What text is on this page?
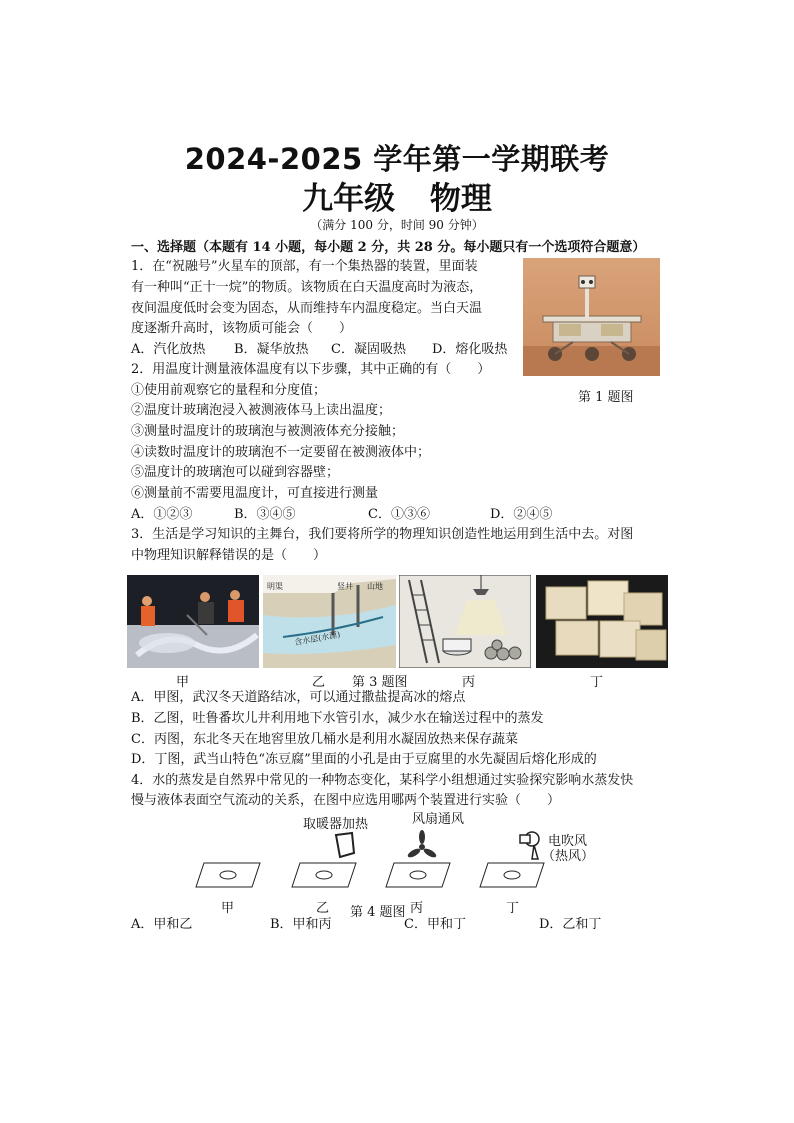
2024-2025 学年第一学期联考
九年级 物理
（满分 100 分，时间 90 分钟）
一、选择题（本题有 14 小题，每小题 2 分，共 28 分。每小题只有一个选项符合题意）
1．在“祝融号”火星车的顶部，有一个集热器的装置，里面装
有一种叫“正十一烷”的物质。该物质在白天温度高时为液态，
夜间温度低时会变为固态，从而维持车内温度稳定。当白天温
度逐渐升高时，该物质可能会（　　）
A．汽化放热 B．凝华放热 C．凝固吸热 D．熔化吸热
第 1 题图
2．用温度计测量液体温度有以下步骤，其中正确的有（　　）
①使用前观察它的量程和分度值；
②温度计玻璃泡浸入被测液体马上读出温度；
③测量时温度计的玻璃泡与被测液体充分接触；
④读数时温度计的玻璃泡不一定要留在被测液体中；
⑤温度计的玻璃泡可以碰到容器壁；
⑥测量前不需要甩温度计，可直接进行测量
A．①②③	B．③④⑤	C．①③⑥	D．②④⑤
3．生活是学习知识的主舞台，我们要将所学的物理知识创造性地运用到生活中去。对图
中物理知识解释错误的是（　　）
明渠	竖井 山地
含水层(水源)
甲	乙 第 3 题图	丙	丁
A．甲图，武汉冬天道路结冰，可以通过撒盐提高冰的熔点
B．乙图，吐鲁番坎儿井利用地下水管引水，减少水在输送过程中的蒸发
C．丙图，东北冬天在地窖里放几桶水是利用水凝固放热来保存蔬菜
D．丁图，武当山特色“冻豆腐”里面的小孔是由于豆腐里的水先凝固后熔化形成的
4．水的蒸发是自然界中常见的一种物态变化，某科学小组想通过实验探究影响水蒸发快
慢与液体表面空气流动的关系，在图中应选用哪两个装置进行实验（　　）
取暖器加热	风扇通风
电吹风
（热风）
甲	乙 第 4 题图 丙	丁
A．甲和乙	B．甲和丙	C．甲和丁	D．乙和丁
